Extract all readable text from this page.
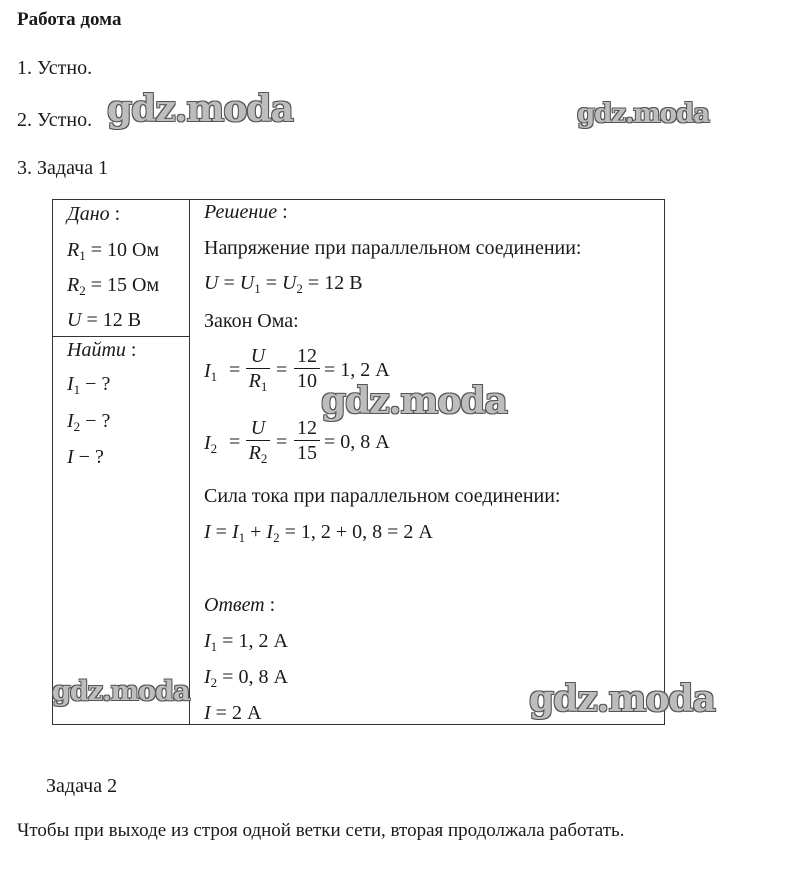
Работа дома
1. Устно.
2. Устно.
3. Задача 1
Дано :
$R_1 = 10$ Ом
$R_2 = 15$ Ом
U = 12 В
Найти :
$I_1$ − ?
$I_2$ − ?
I − ?
Решение :
Напряжение при параллельном соединении:
$U = U_1 = U_2 = 12$ В
Закон Ома:
$I_1$ =
U
$R_1$
=
12
10 = 1, 2 А
$I_2$ =
U
$R_2$
=
12
15 = 0, 8 А
Сила тока при параллельном соединении:
$I = I_1 + I_2 = 1$, 2 + 0, 8 = 2 А
Ответ :
$I_1 = 1$, 2 А
$I_2 = 0$, 8 А
I = 2 А
Задача 2
Чтобы при выходе из строя одной ветки сети, вторая продолжала работать.
gdz.moda	gdz.moda
gdz.moda
gdz.moda	gdz.moda
